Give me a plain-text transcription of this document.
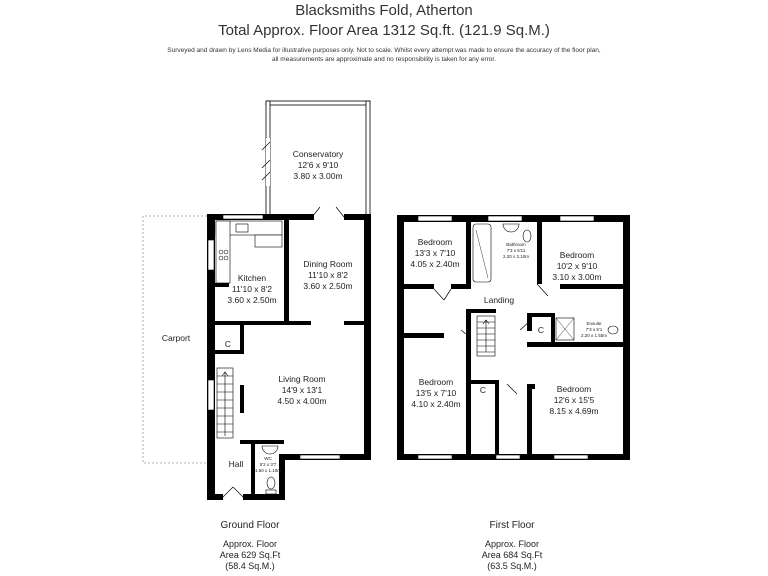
Blacksmiths Fold, Atherton
Total Approx. Floor Area 1312 Sq.ft. (121.9 Sq.M.)
Surveyed and drawn by Lens Media for illustrative purposes only. Not to scale. Whilst every attempt was made to ensure the accuracy of the floor plan,
all measurements are approximate and no responsibility is taken for any error.
Conservatory
12'6 x 9'10
3.80 x 3.00m
Kitchen
11'10 x 8'2
3.60 x 2.50m
Dining Room
11'10 x 8'2
3.60 x 2.50m
Living Room
14'9 x 13'1
4.50 x 4.00m
Carport
Hall
C
WC
5'2 x 3'7
1.60 x 1.10m
Bedroom
13'3 x 7'10
4.05 x 2.40m
Bathroom
7'3 x 6'11
2.20 x 2.10m	Bedroom
10'2 x 9'10
3.10 x 3.00m
Landing
C
Ensuite
7'3 x 5'1
2.20 x 1.55m
Bedroom
13'5 x 7'10
4.10 x 2.40m
C	Bedroom
12'6 x 15'5
8.15 x 4.69m
Ground Floor
Approx. Floor
Area 629 Sq.Ft
(58.4 Sq.M.)
First Floor
Approx. Floor
Area 684 Sq.Ft
(63.5 Sq.M.)
